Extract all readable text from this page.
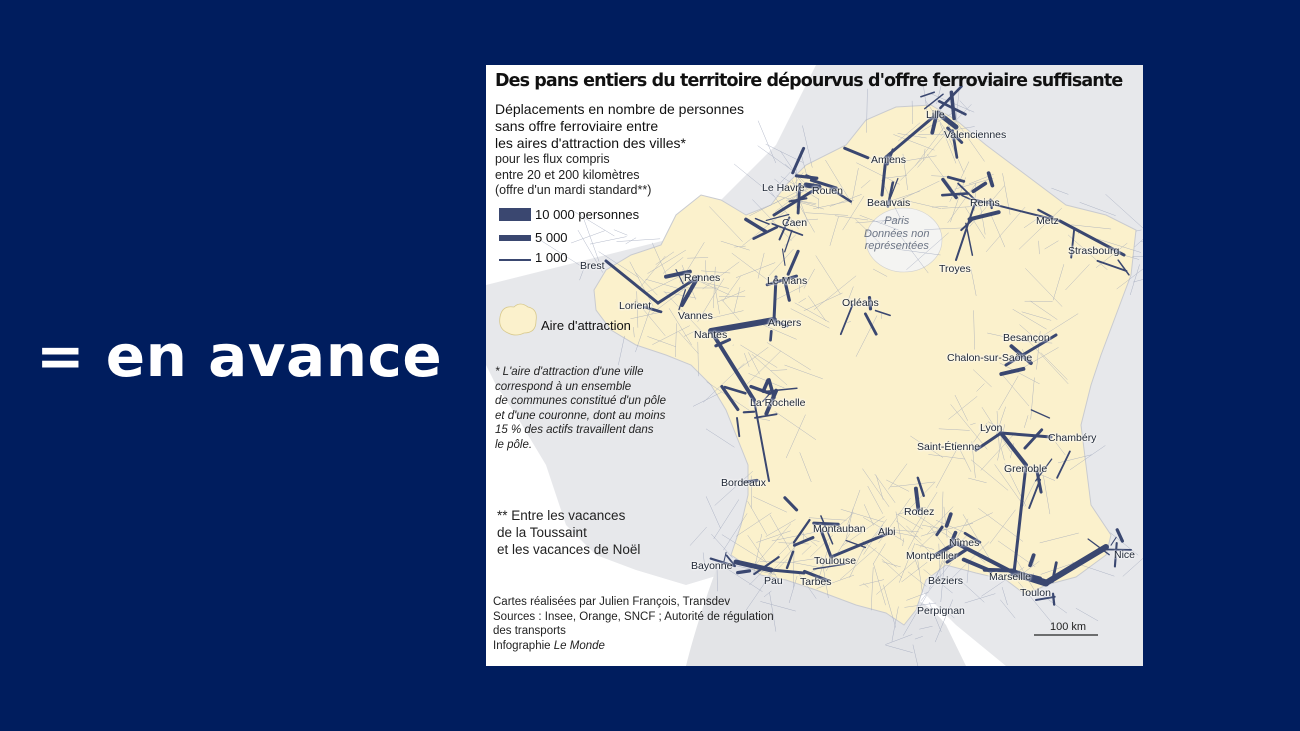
= en avance
Des pans entiers du territoire dépourvus d'offre ferroviaire suffisante
Déplacements en nombre de personnes
sans offre ferroviaire entre
les aires d'attraction des villes*
pour les flux compris
entre 20 et 200 kilomètres
(offre d'un mardi standard**)
10 000 personnes
5 000
1 000
Aire d'attraction
* L'aire d'attraction d'une ville
correspond à un ensemble
de communes constitué d'un pôle
et d'une couronne, dont au moins
15 % des actifs travaillent dans
le pôle.
** Entre les vacances
de la Toussaint
et les vacances de Noël
Paris
Données non
représentées
Cartes réalisées par Julien François, Transdev
Sources : Insee, Orange, SNCF ; Autorité de régulation
des transports
Infographie Le Monde
100 km
Lille
Valenciennes
Amiens
Le Havre Rouen
Beauvais	Reims
Caen	Metz
Strasbourg
Brest
Rennes	Le Mans
Troyes
Lorient
Vannes
Orléans
Nantes
Angers
Besançon
Chalon-sur-Saône
La Rochelle
Lyon
Chambéry
Saint-Étienne
Grenoble
Bordeaux
Rodez
Montauban Albi
Nîmes
Montpellier
Toulouse	Nice
Bayonne
Pau Tarbes	Béziers Marseille
Toulon
Perpignan
